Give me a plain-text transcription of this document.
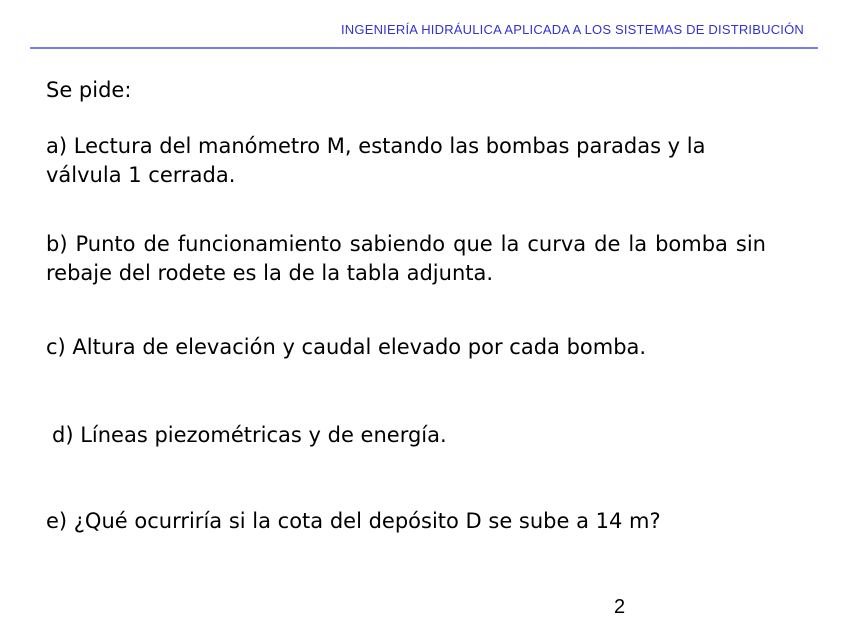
INGENIERÍA HIDRÁULICA APLICADA A LOS SISTEMAS DE DISTRIBUCIÓN

Se pide:

a) Lectura del manómetro M, estando las bombas paradas y la válvula 1 cerrada.

b) Punto de funcionamiento sabiendo que la curva de la bomba sin rebaje del rodete es la de la tabla adjunta.

c) Altura de elevación y caudal elevado por cada bomba.

d) Líneas piezométricas y de energía.

e) ¿Qué ocurriría si la cota del depósito D se sube a 14 m?

2
